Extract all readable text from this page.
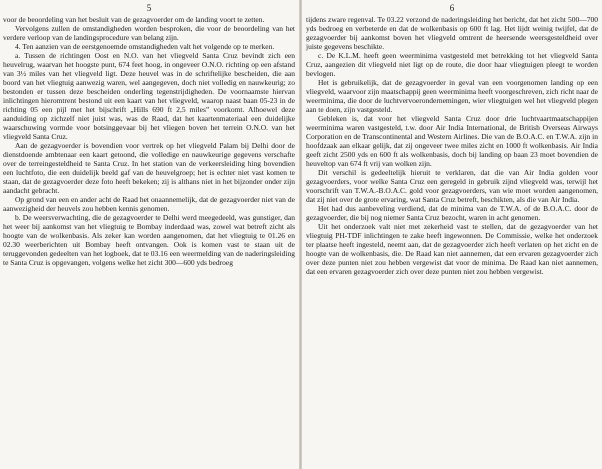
5

voor de beoordeling van het besluit van de gezagvoerder om de landing voort te zetten.

Vervolgens zullen de omstandigheden worden besproken, die voor de beoordeling van het verdere verloop van de landingsprocedure van belang zijn.

4. Ten aanzien van de eerstgenoemde omstandigheden valt het volgende op te merken.

a. Tussen de richtingen Oost en N.O. van het vliegveld Santa Cruz bevindt zich een heuvelrug, waarvan het hoogste punt, 674 feet hoog, in ongeveer O.N.O. richting op een afstand van 3½ miles van het vliegveld ligt. Deze heuvel was in de schriftelijke bescheiden, die aan boord van het vliegtuig aanwezig waren, wel aangegeven, doch niet volledig en nauwkeurig; zo bestonden er tussen deze bescheiden onderling tegenstrijdigheden. De voornaamste hiervan inlichtingen hieromtrent bestond uit een kaart van het vliegveld, waarop naast baan 05-23 in de richting 05 een pijl met het bijschrift „Hills 690 ft 2,5 miles” voorkomt. Alhoewel deze aanduiding op zichzelf niet juist was, was de Raad, dat het kaartenmateriaal een duidelijke waarschuwing vormde voor botsinggevaar bij het vliegen boven het terrein O.N.O. van het vliegveld Santa Cruz.

Aan de gezagvoerder is bovendien voor vertrek op het vliegveld Palam bij Delhi door de dienstdoende ambtenaar een kaart getoond, die volledige en nauwkeurige gegevens verschafte over de terreingesteldheid te Santa Cruz. In het station van de verkeersleiding hing bovendien een luchtfoto, die een duidelijk beeld gaf van de heuvelgroep; het is echter niet vast komen te staan, dat de gezagvoerder deze foto heeft bekeken; zij is althans niet in het bijzonder onder zijn aandacht gebracht.

Op grond van een en ander acht de Raad het onaannemelijk, dat de gezagvoerder niet van de aanwezigheid der heuvels zou hebben kennis genomen.

b. De weersverwachting, die de gezagvoerder te Delhi werd meegedeeld, was gunstiger, dan het weer bij aankomst van het vliegtuig te Bombay inderdaad was, zowel wat betreft zicht als hoogte van de wolkenbasis. Als zeker kan worden aangenomen, dat het vliegtuig te 01.26 en 02.30 weerberichten uit Bombay heeft ontvangen. Ook is komen vast te staan uit de teruggevonden gedeelten van het logboek, dat te 03.16 een weermelding van de naderingsleiding te Santa Cruz is opgevangen, volgens welke het zicht 300—600 yds bedroeg

6

tijdens zware regenval. Te 03.22 verzond de naderingsleiding het bericht, dat het zicht 500—700 yds bedroeg en verbeterde en dat de wolkenbasis op 600 ft lag. Het lijdt weinig twijfel, dat de gezagvoerder bij aankomst boven het vliegveld omtrent de heersende weersgesteldheid over juiste gegevens beschikte.

c. De K.L.M. heeft geen weerminima vastgesteld met betrekking tot het vliegveld Santa Cruz, aangezien dit vliegveld niet ligt op de route, die door haar vliegtuigen pleegt te worden bevlogen.

Het is gebruikelijk, dat de gezagvoerder in geval van een voorgenomen landing op een vliegveld, waarvoor zijn maatschappij geen weerminima heeft voorgeschreven, zich richt naar de weerminima, die door de luchtvervoerondernemingen, wier vliegtuigen wel het vliegveld plegen aan te doen, zijn vastgesteld.

Gebleken is, dat voor het vliegveld Santa Cruz door drie luchtvaartmaatschappijen weerminima waren vastgesteld, t.w. door Air India International, de British Overseas Airways Corporation en de Transcontinental and Western Airlines. Die van de B.O.A.C. en T.W.A. zijn in hoofdzaak aan elkaar gelijk, dat zij ongeveer twee miles zicht en 1000 ft wolkenbasis. Air India geeft zicht 2500 yds en 600 ft als wolkenbasis, doch bij landing op baan 23 moet bovendien de heuveltop van 674 ft vrij van wolken zijn.

Dit verschil is gedeeltelijk hieruit te verklaren, dat die van Air India golden voor gezagvoerders, voor welke Santa Cruz een geregeld in gebruik zijnd vliegveld was, terwijl het voorschrift van T.W.A.-B.O.A.C. gold voor gezagvoerders, van wie moet worden aangenomen, dat zij niet over de grote ervaring, wat Santa Cruz betreft, beschikten, als die van Air India.

Het had dus aanbeveling verdiend, dat de minima van de T.W.A. of de B.O.A.C. door de gezagvoerder, die bij nog niemer Santa Cruz bezocht, waren in acht genomen.

Uit het onderzoek valt niet met zekerheid vast te stellen, dat de gezagvoerder van het vliegtuig PH-TDF inlichtingen te zake heeft ingewonnen. De Commissie, welke het onderzoek ter plaatse heeft ingesteld, neemt aan, dat de gezagvoerder zich heeft verlaten op het zicht en de hoogte van de wolkenbasis, die. De Raad kan niet aannemen, dat een ervaren gezagvoerder zich over deze punten niet zou hebben vergewist dat voor de minima. De Raad kan niet aannemen, dat een ervaren gezagvoerder zich over deze punten niet zou hebben vergewist.
